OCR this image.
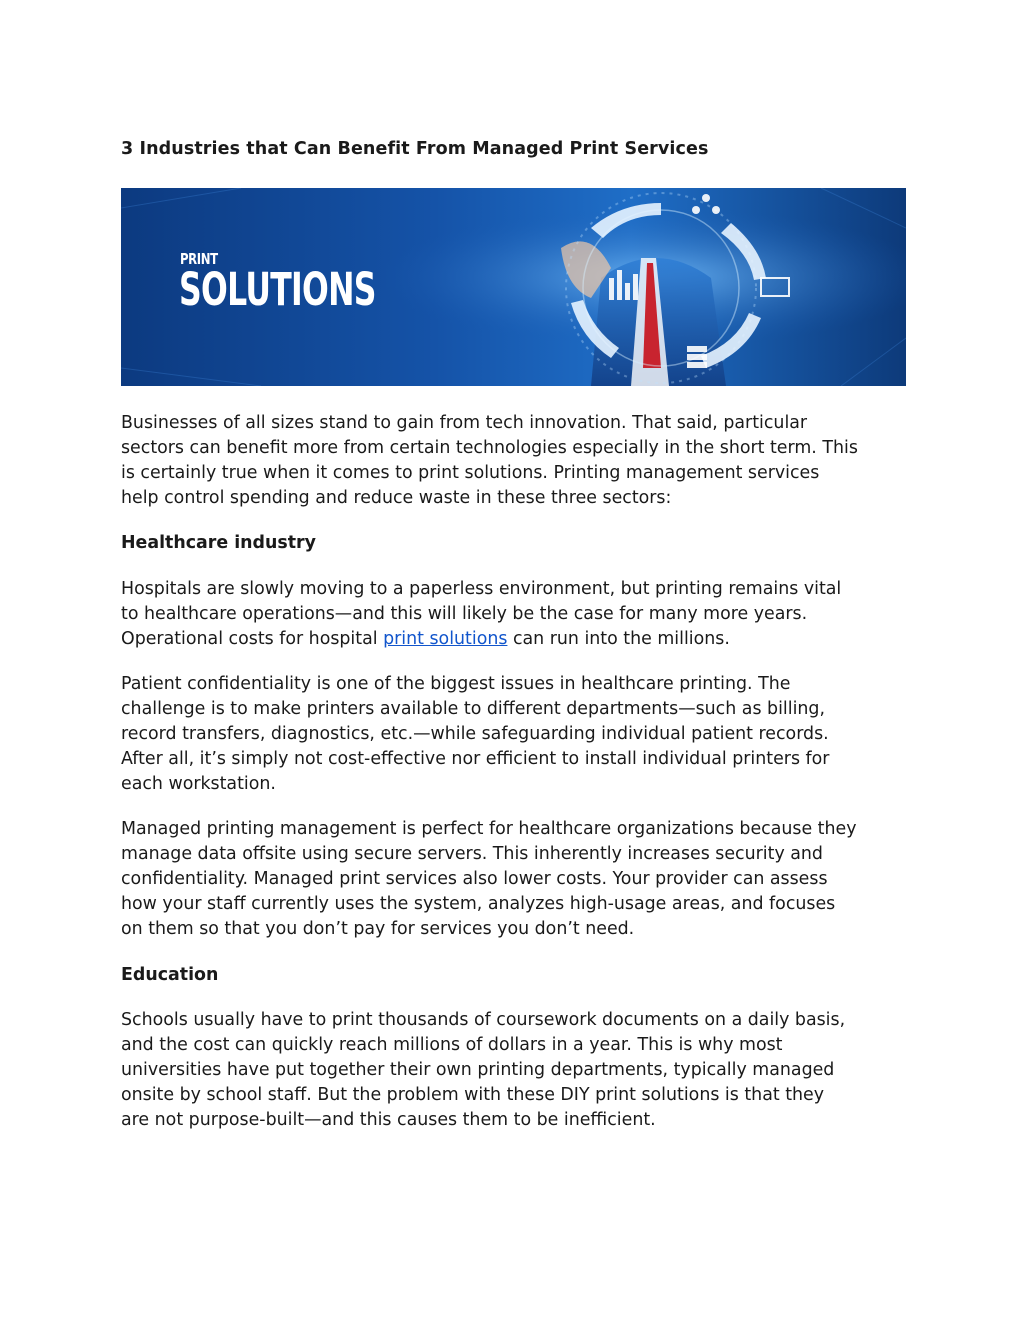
3 Industries that Can Benefit From Managed Print Services
PRINT
SOLUTIONS

Businesses of all sizes stand to gain from tech innovation. That said, particular
sectors can benefit more from certain technologies especially in the short term. This
is certainly true when it comes to print solutions. Printing management services
help control spending and reduce waste in these three sectors:

Healthcare industry

Hospitals are slowly moving to a paperless environment, but printing remains vital
to healthcare operations—and this will likely be the case for many more years.
Operational costs for hospital print solutions can run into the millions.

Patient confidentiality is one of the biggest issues in healthcare printing. The
challenge is to make printers available to different departments—such as billing,
record transfers, diagnostics, etc.—while safeguarding individual patient records.
After all, it’s simply not cost-effective nor efficient to install individual printers for
each workstation.

Managed printing management is perfect for healthcare organizations because they
manage data offsite using secure servers. This inherently increases security and
confidentiality. Managed print services also lower costs. Your provider can assess
how your staff currently uses the system, analyzes high-usage areas, and focuses
on them so that you don’t pay for services you don’t need.

Education

Schools usually have to print thousands of coursework documents on a daily basis,
and the cost can quickly reach millions of dollars in a year. This is why most
universities have put together their own printing departments, typically managed
onsite by school staff. But the problem with these DIY print solutions is that they
are not purpose-built—and this causes them to be inefficient.
